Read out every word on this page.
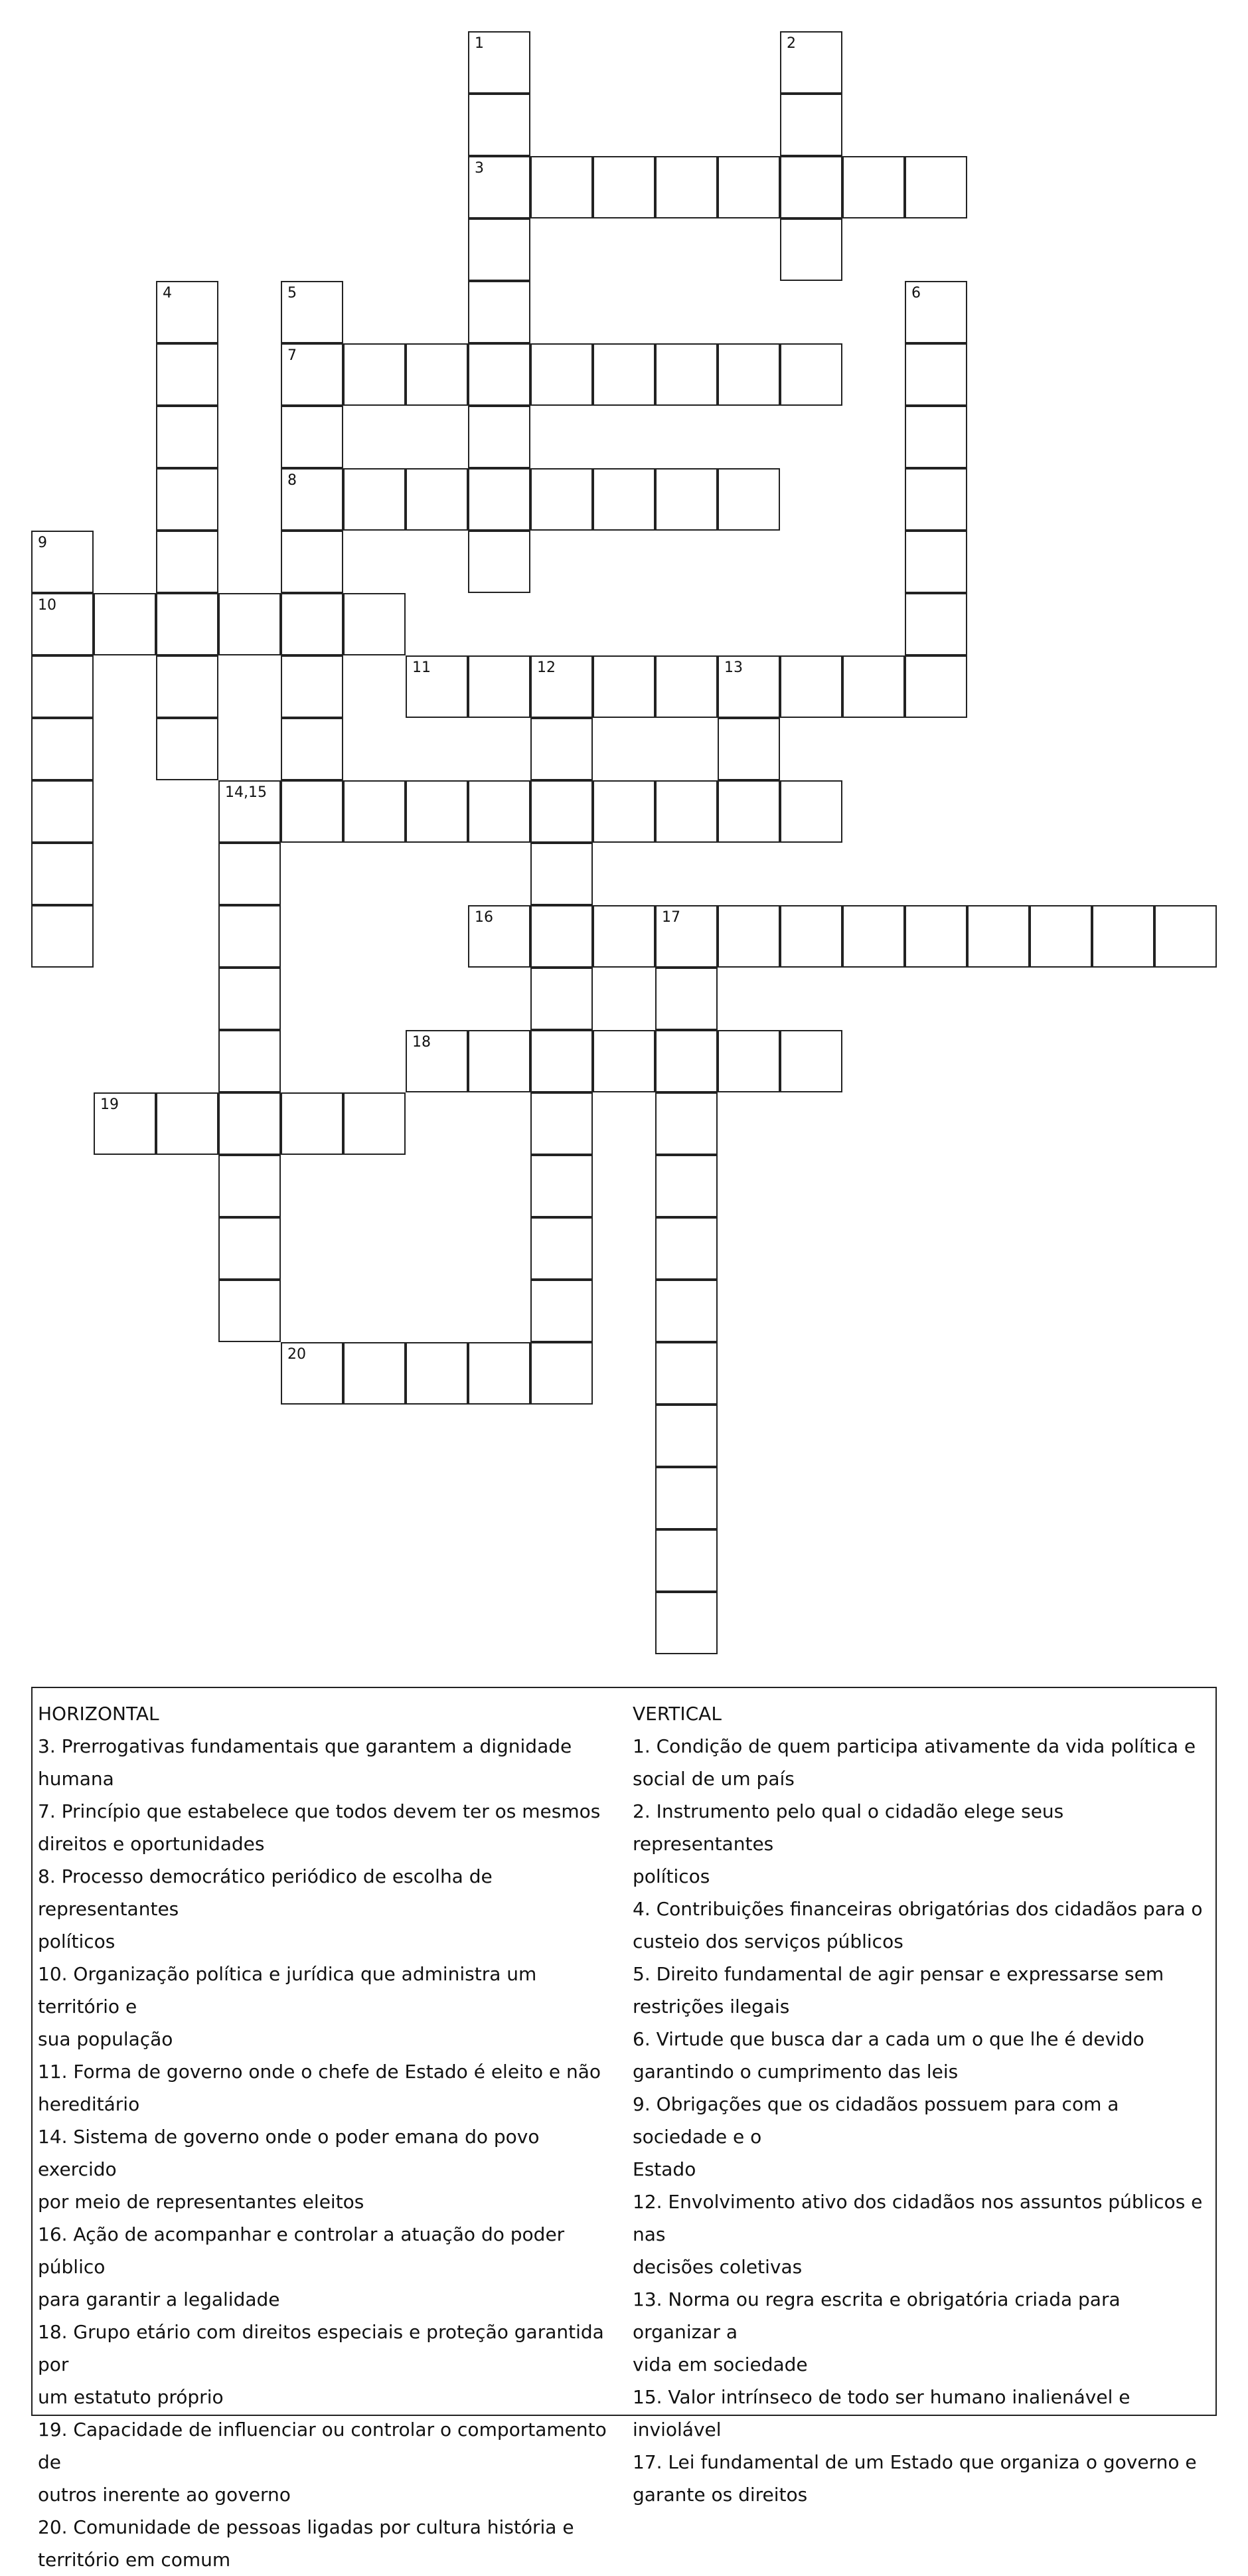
1	2
3
4	5	6
7
8
9
10
11	12	13
14,15
16	17
18
19
20

HORIZONTAL

3. Prerrogativas fundamentais que garantem a dignidade

humana

7. Princípio que estabelece que todos devem ter os mesmos

direitos e oportunidades

8. Processo democrático periódico de escolha de representantes

políticos

10. Organização política e jurídica que administra um território e

sua população

11. Forma de governo onde o chefe de Estado é eleito e não

hereditário

14. Sistema de governo onde o poder emana do povo exercido

por meio de representantes eleitos

16. Ação de acompanhar e controlar a atuação do poder público

para garantir a legalidade

18. Grupo etário com direitos especiais e proteção garantida por

um estatuto próprio

19. Capacidade de influenciar ou controlar o comportamento de

outros inerente ao governo

20. Comunidade de pessoas ligadas por cultura história e

território em comum

VERTICAL

1. Condição de quem participa ativamente da vida política e

social de um país

2. Instrumento pelo qual o cidadão elege seus representantes

políticos

4. Contribuições financeiras obrigatórias dos cidadãos para o

custeio dos serviços públicos

5. Direito fundamental de agir pensar e expressarse sem

restrições ilegais

6. Virtude que busca dar a cada um o que lhe é devido

garantindo o cumprimento das leis

9. Obrigações que os cidadãos possuem para com a sociedade e o

Estado

12. Envolvimento ativo dos cidadãos nos assuntos públicos e nas

decisões coletivas

13. Norma ou regra escrita e obrigatória criada para organizar a

vida em sociedade

15. Valor intrínseco de todo ser humano inalienável e inviolável

17. Lei fundamental de um Estado que organiza o governo e

garante os direitos
